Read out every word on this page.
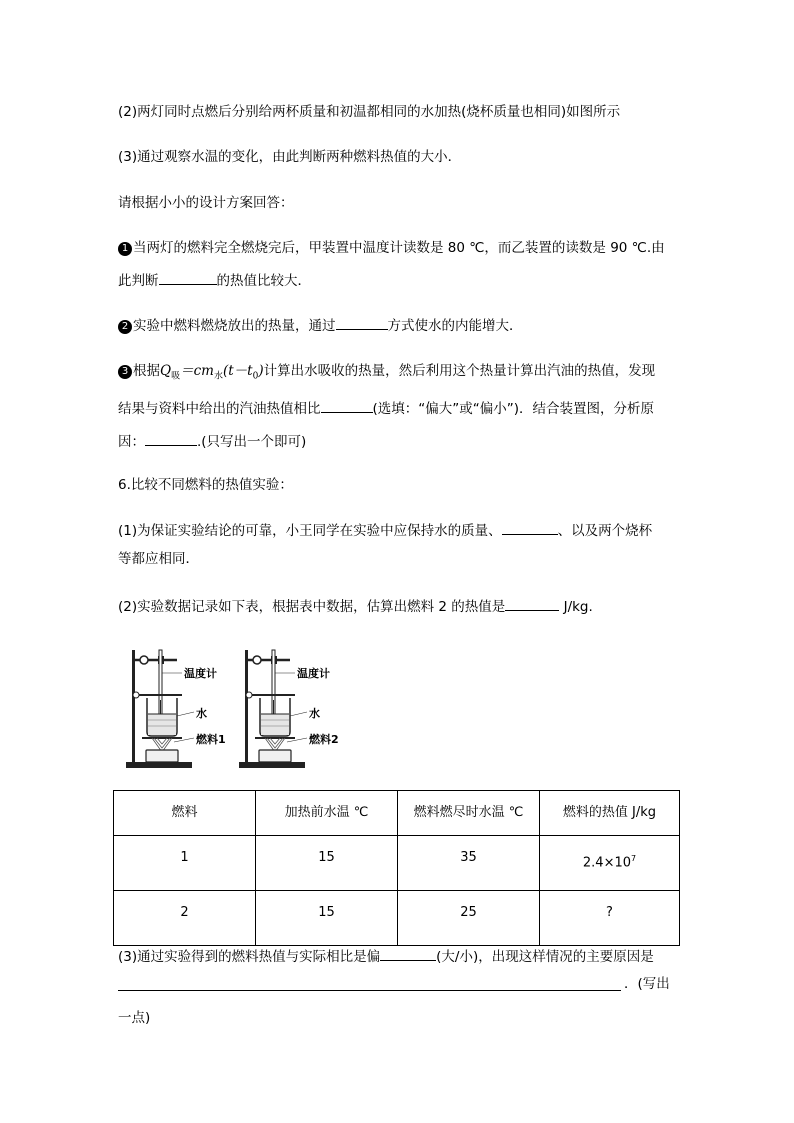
(2)两灯同时点燃后分别给两杯质量和初温都相同的水加热(烧杯质量也相同)如图所示
(3)通过观察水温的变化，由此判断两种燃料热值的大小．
请根据小小的设计方案回答：
1 当两灯的燃料完全燃烧完后，甲装置中温度计读数是 80 ℃，而乙装置的读数是 90 ℃.由
此判断	的热值比较大．
2 实验中燃料燃烧放出的热量，通过	方式使水的内能增大．
3 根据$Q_吸=cm_水(t-t_0)$计算出水吸收的热量，然后利用这个热量计算出汽油的热值，发现
结果与资料中给出的汽油热值相比	(选填：“偏大”或“偏小”)．结合装置图，分析原
因：	.(只写出一个即可)
6.比较不同燃料的热值实验：
(1)为保证实验结论的可靠，小王同学在实验中应保持水的质量、	、以及两个烧杯
等都应相同．
(2)实验数据记录如下表，根据表中数据，估算出燃料 2 的热值是	J/kg.
温度计
水
燃料1
温度计
水
燃料2
燃料	加热前水温 ℃	燃料燃尽时水温 ℃	燃料的热值 J/kg
1	15	35	$2.4\times 10^7$
2	15	25	?
(3)通过实验得到的燃料热值与实际相比是偏	(大/小)，出现这样情况的主要原因是
．(写出
一点)
